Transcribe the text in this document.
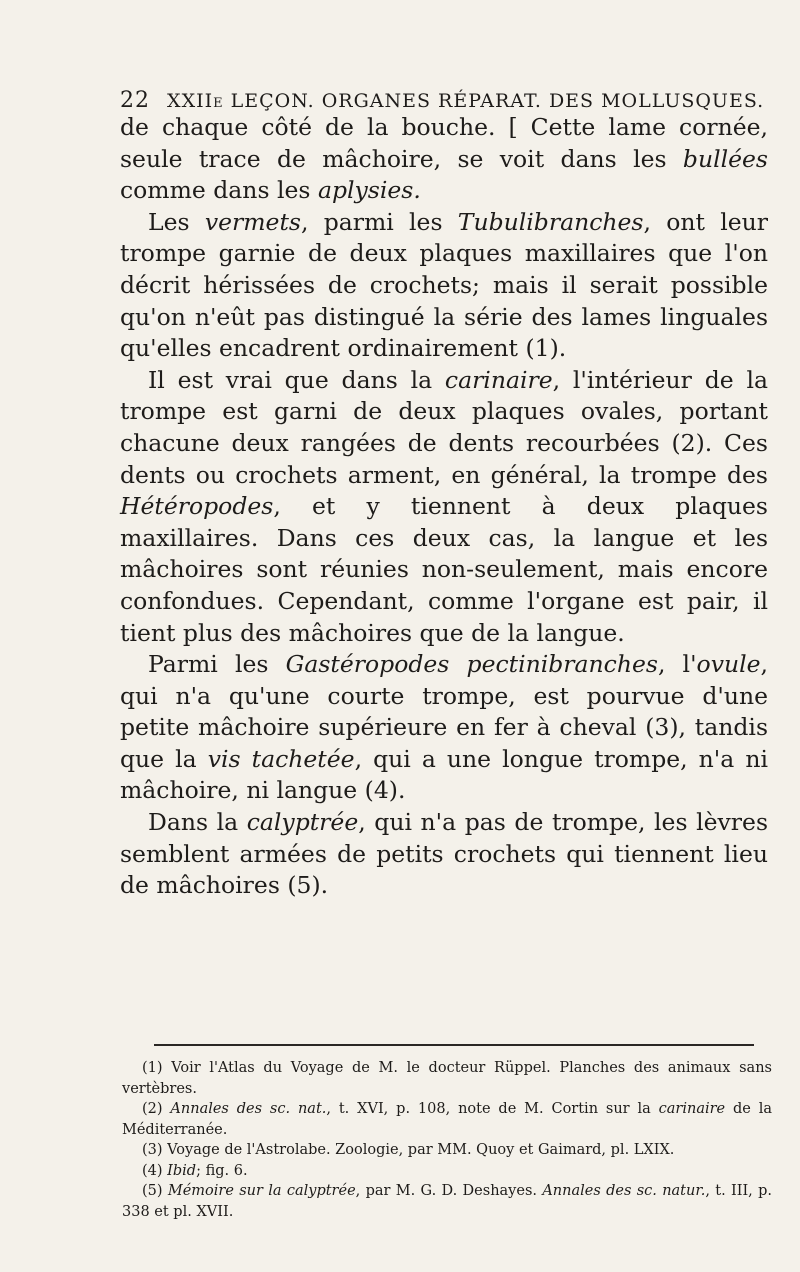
22 XXIIe LEÇON. ORGANES RÉPARAT. DES MOLLUSQUES.

de chaque côté de la bouche. [ Cette lame cornée, seule trace de mâchoire, se voit dans les bullées comme dans les aplysies.

Les vermets, parmi les Tubulibranches, ont leur trompe garnie de deux plaques maxillaires que l'on décrit hérissées de crochets; mais il serait possible qu'on n'eût pas distingué la série des lames linguales qu'elles encadrent ordinairement (1).

Il est vrai que dans la carinaire, l'intérieur de la trompe est garni de deux plaques ovales, portant chacune deux rangées de dents recourbées (2). Ces dents ou crochets arment, en général, la trompe des Hétéropodes, et y tiennent à deux plaques maxillaires. Dans ces deux cas, la langue et les mâchoires sont réunies non-seulement, mais encore confondues. Cependant, comme l'organe est pair, il tient plus des mâchoires que de la langue.

Parmi les Gastéropodes pectinibranches, l'ovule, qui n'a qu'une courte trompe, est pourvue d'une petite mâchoire supérieure en fer à cheval (3), tandis que la vis tachetée, qui a une longue trompe, n'a ni mâchoire, ni langue (4).

Dans la calyptrée, qui n'a pas de trompe, les lèvres semblent armées de petits crochets qui tiennent lieu de mâchoires (5).

(1) Voir l'Atlas du Voyage de M. le docteur Rüppel. Planches des animaux sans vertèbres.

(2) Annales des sc. nat., t. XVI, p. 108, note de M. Cortin sur la carinaire de la Méditerranée.

(3) Voyage de l'Astrolabe. Zoologie, par MM. Quoy et Gaimard, pl. LXIX.

(4) Ibid; fig. 6.

(5) Mémoire sur la calyptrée, par M. G. D. Deshayes. Annales des sc. natur., t. III, p. 338 et pl. XVII.
